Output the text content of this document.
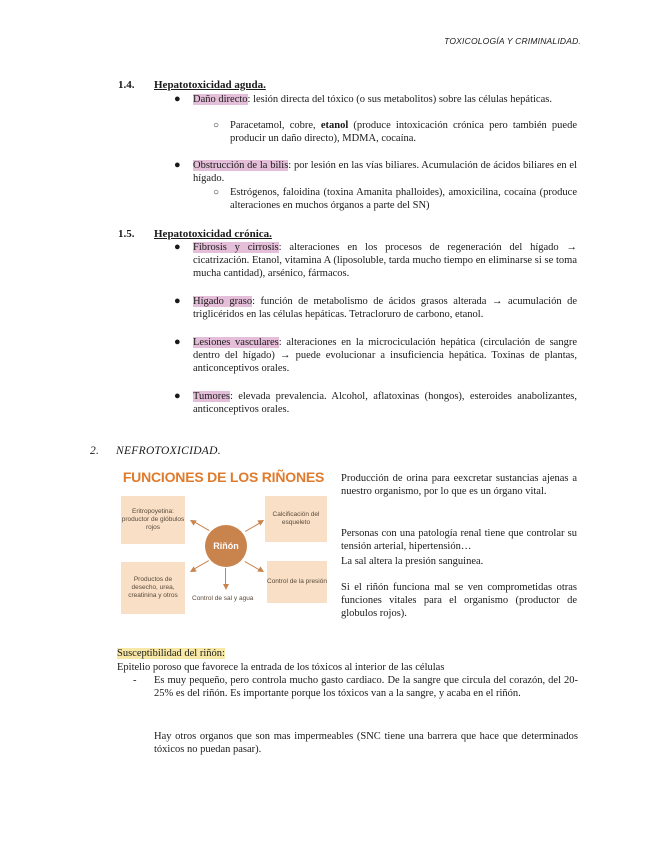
TOXICOLOGÍA Y CRIMINALIDAD.
1.4. Hepatotoxicidad aguda.
● Daño directo: lesión directa del tóxico (o sus metabolitos) sobre las células hepáticas.
○ Paracetamol, cobre, etanol (produce intoxicación crónica pero también puede producir un daño directo), MDMA, cocaína.
● Obstrucción de la bilis: por lesión en las vías biliares. Acumulación de ácidos biliares en el hígado.
○ Estrógenos, faloidina (toxina Amanita phalloides), amoxicilina, cocaína (produce alteraciones en muchos órganos a parte del SN)
1.5. Hepatotoxicidad crónica.
● Fibrosis y cirrosis: alteraciones en los procesos de regeneración del hígado → cicatrización. Etanol, vitamina A (liposoluble, tarda mucho tiempo en eliminarse si se toma mucha cantidad), arsénico, fármacos.
● Hígado graso: función de metabolismo de ácidos grasos alterada → acumulación de triglicéridos en las células hepáticas. Tetracloruro de carbono, etanol.
● Lesiones vasculares: alteraciones en la microciculación hepática (circulación de sangre dentro del hígado) → puede evolucionar a insuficiencia hepática. Toxinas de plantas, anticonceptivos orales.
● Tumores: elevada prevalencia. Alcohol, aflatoxinas (hongos), esteroides anabolizantes, anticonceptivos orales.
2. NEFROTOXICIDAD.
FUNCIONES DE LOS RIÑONES
Eritropoyetina: productor de glóbulos rojos
Calcificación del esqueleto
Productos de desecho, urea, creatinina y otros
Control de la presión
Riñón
Control de sal y agua
Producción de orina para eexcretar sustancias ajenas a nuestro organismo, por lo que es un órgano vital.
Personas con una patología renal tiene que controlar su tensión arterial, hipertensión…
La sal altera la presión sanguinea.
Si el riñón funciona mal se ven comprometidas otras funciones vitales para el organismo (productor de globulos rojos).
Susceptibilidad del riñón:
Epitelio poroso que favorece la entrada de los tóxicos al interior de las células
- Es muy pequeño, pero controla mucho gasto cardiaco. De la sangre que circula del corazón, del 20-25% es del riñón. Es importante porque los tóxicos van a la sangre, y acaba en el riñón.
Hay otros organos que son mas impermeables (SNC tiene una barrera que hace que determinados tóxicos no puedan pasar).
